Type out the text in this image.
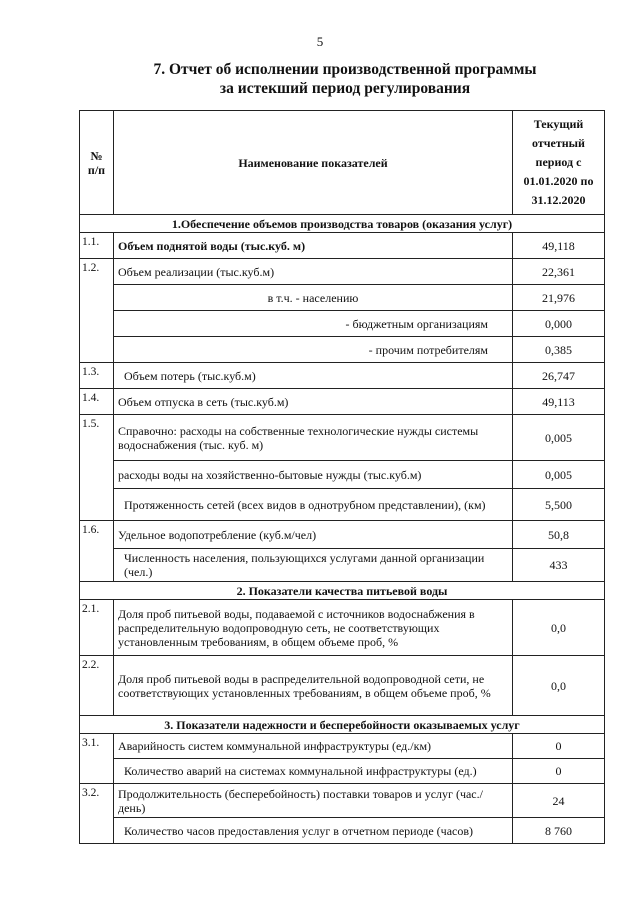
5
7. Отчет об исполнении производственной программы
за истекший период регулирования
№ п/п	Наименование показателей	Текущий отчетный период с 01.01.2020 по 31.12.2020
1.Обеспечение объемов производства товаров (оказания услуг)		
1.1.	Объем поднятой воды (тыс.куб. м)	49,118
1.2.	Объем реализации (тыс.куб.м)	22,361
	в т.ч. - населению	21,976
	- бюджетным организациям	0,000
	- прочим потребителям	0,385
1.3.	Объем потерь (тыс.куб.м)	26,747
1.4.	Объем отпуска в сеть (тыс.куб.м)	49,113
1.5.	Справочно: расходы на собственные технологические нужды системы водоснабжения (тыс. куб. м)	0,005
	расходы воды на хозяйственно-бытовые нужды (тыс.куб.м)	0,005
	Протяженность сетей (всех видов в однотрубном представлении), (км)	5,500
1.6.	Удельное водопотребление (куб.м/чел)	50,8
	Численность населения, пользующихся услугами данной организации (чел.)	433
2. Показатели качества питьевой воды		
2.1.	Доля проб питьевой воды, подаваемой с источников водоснабжения в распределительную водопроводную сеть, не соответствующих установленным требованиям, в общем объеме проб, %	0,0
2.2.	Доля проб питьевой воды в распределительной водопроводной сети, не соответствующих установленных требованиям, в общем объеме проб, %	0,0
3. Показатели надежности и бесперебойности оказываемых услуг		
3.1.	Аварийность систем коммунальной инфраструктуры (ед./км)	0
	Количество аварий на системах коммунальной инфраструктуры (ед.)	0
3.2.	Продолжительность (бесперебойность) поставки товаров и услуг (час./день)	24
	Количество часов предоставления услуг в отчетном периоде (часов)	8 760
